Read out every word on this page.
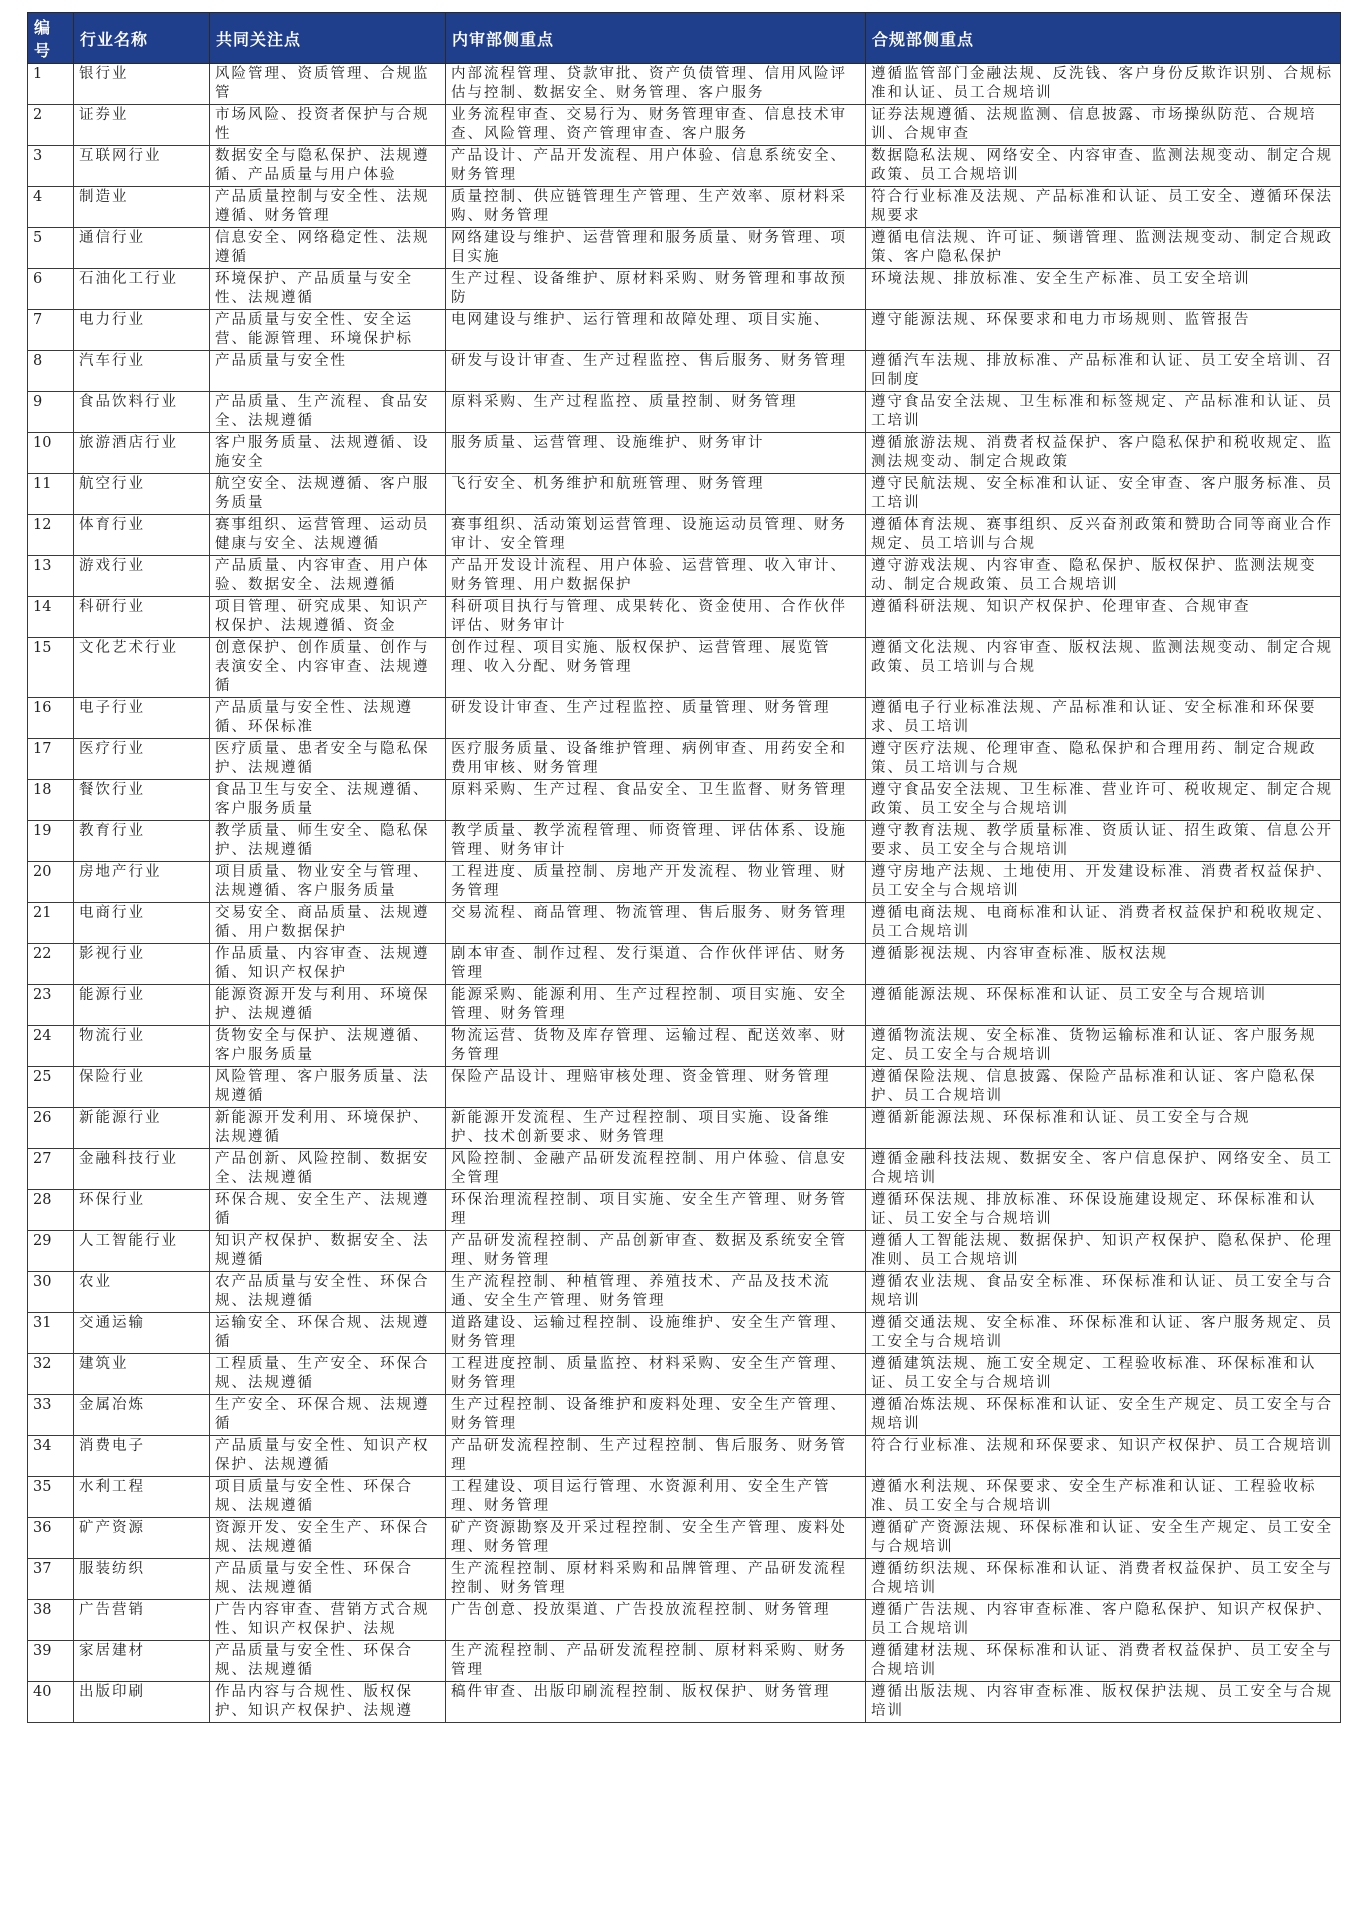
编号	行业名称	共同关注点	内审部侧重点	合规部侧重点
1	银行业	风险管理、资质管理、合规监管	内部流程管理、贷款审批、资产负债管理、信用风险评估与控制、数据安全、财务管理、客户服务	遵循监管部门金融法规、反洗钱、客户身份反欺诈识别、合规标准和认证、员工合规培训
2	证券业	市场风险、投资者保护与合规性	业务流程审查、交易行为、财务管理审查、信息技术审查、风险管理、资产管理审查、客户服务	证券法规遵循、法规监测、信息披露、市场操纵防范、合规培训、合规审查
3	互联网行业	数据安全与隐私保护、法规遵循、产品质量与用户体验	产品设计、产品开发流程、用户体验、信息系统安全、财务管理	数据隐私法规、网络安全、内容审查、监测法规变动、制定合规政策、员工合规培训
4	制造业	产品质量控制与安全性、法规遵循、财务管理	质量控制、供应链管理生产管理、生产效率、原材料采购、财务管理	符合行业标准及法规、产品标准和认证、员工安全、遵循环保法规要求
5	通信行业	信息安全、网络稳定性、法规遵循	网络建设与维护、运营管理和服务质量、财务管理、项目实施	遵循电信法规、许可证、频谱管理、监测法规变动、制定合规政策、客户隐私保护
6	石油化工行业	环境保护、产品质量与安全性、法规遵循	生产过程、设备维护、原材料采购、财务管理和事故预防	环境法规、排放标准、安全生产标准、员工安全培训
7	电力行业	产品质量与安全性、安全运营、能源管理、环境保护标	电网建设与维护、运行管理和故障处理、项目实施、	遵守能源法规、环保要求和电力市场规则、监管报告
8	汽车行业	产品质量与安全性	研发与设计审查、生产过程监控、售后服务、财务管理	遵循汽车法规、排放标准、产品标准和认证、员工安全培训、召回制度
9	食品饮料行业	产品质量、生产流程、食品安全、法规遵循	原料采购、生产过程监控、质量控制、财务管理	遵守食品安全法规、卫生标准和标签规定、产品标准和认证、员工培训
10	旅游酒店行业	客户服务质量、法规遵循、设施安全	服务质量、运营管理、设施维护、财务审计	遵循旅游法规、消费者权益保护、客户隐私保护和税收规定、监测法规变动、制定合规政策
11	航空行业	航空安全、法规遵循、客户服务质量	飞行安全、机务维护和航班管理、财务管理	遵守民航法规、安全标准和认证、安全审查、客户服务标准、员工培训
12	体育行业	赛事组织、运营管理、运动员健康与安全、法规遵循	赛事组织、活动策划运营管理、设施运动员管理、财务审计、安全管理	遵循体育法规、赛事组织、反兴奋剂政策和赞助合同等商业合作规定、员工培训与合规
13	游戏行业	产品质量、内容审查、用户体验、数据安全、法规遵循	产品开发设计流程、用户体验、运营管理、收入审计、财务管理、用户数据保护	遵守游戏法规、内容审查、隐私保护、版权保护、监测法规变动、制定合规政策、员工合规培训
14	科研行业	项目管理、研究成果、知识产权保护、法规遵循、资金	科研项目执行与管理、成果转化、资金使用、合作伙伴评估、财务审计	遵循科研法规、知识产权保护、伦理审查、合规审查
15	文化艺术行业	创意保护、创作质量、创作与表演安全、内容审查、法规遵循	创作过程、项目实施、版权保护、运营管理、展览管理、收入分配、财务管理	遵循文化法规、内容审查、版权法规、监测法规变动、制定合规政策、员工培训与合规
16	电子行业	产品质量与安全性、法规遵循、环保标准	研发设计审查、生产过程监控、质量管理、财务管理	遵循电子行业标准法规、产品标准和认证、安全标准和环保要求、员工培训
17	医疗行业	医疗质量、患者安全与隐私保护、法规遵循	医疗服务质量、设备维护管理、病例审查、用药安全和费用审核、财务管理	遵守医疗法规、伦理审查、隐私保护和合理用药、制定合规政策、员工培训与合规
18	餐饮行业	食品卫生与安全、法规遵循、客户服务质量	原料采购、生产过程、食品安全、卫生监督、财务管理	遵守食品安全法规、卫生标准、营业许可、税收规定、制定合规政策、员工安全与合规培训
19	教育行业	教学质量、师生安全、隐私保护、法规遵循	教学质量、教学流程管理、师资管理、评估体系、设施管理、财务审计	遵守教育法规、教学质量标准、资质认证、招生政策、信息公开要求、员工安全与合规培训
20	房地产行业	项目质量、物业安全与管理、法规遵循、客户服务质量	工程进度、质量控制、房地产开发流程、物业管理、财务管理	遵守房地产法规、土地使用、开发建设标准、消费者权益保护、员工安全与合规培训
21	电商行业	交易安全、商品质量、法规遵循、用户数据保护	交易流程、商品管理、物流管理、售后服务、财务管理	遵循电商法规、电商标准和认证、消费者权益保护和税收规定、员工合规培训
22	影视行业	作品质量、内容审查、法规遵循、知识产权保护	剧本审查、制作过程、发行渠道、合作伙伴评估、财务管理	遵循影视法规、内容审查标准、版权法规
23	能源行业	能源资源开发与利用、环境保护、法规遵循	能源采购、能源利用、生产过程控制、项目实施、安全管理、财务管理	遵循能源法规、环保标准和认证、员工安全与合规培训
24	物流行业	货物安全与保护、法规遵循、客户服务质量	物流运营、货物及库存管理、运输过程、配送效率、财务管理	遵循物流法规、安全标准、货物运输标准和认证、客户服务规定、员工安全与合规培训
25	保险行业	风险管理、客户服务质量、法规遵循	保险产品设计、理赔审核处理、资金管理、财务管理	遵循保险法规、信息披露、保险产品标准和认证、客户隐私保护、员工合规培训
26	新能源行业	新能源开发利用、环境保护、法规遵循	新能源开发流程、生产过程控制、项目实施、设备维护、技术创新要求、财务管理	遵循新能源法规、环保标准和认证、员工安全与合规
27	金融科技行业	产品创新、风险控制、数据安全、法规遵循	风险控制、金融产品研发流程控制、用户体验、信息安全管理	遵循金融科技法规、数据安全、客户信息保护、网络安全、员工合规培训
28	环保行业	环保合规、安全生产、法规遵循	环保治理流程控制、项目实施、安全生产管理、财务管理	遵循环保法规、排放标准、环保设施建设规定、环保标准和认证、员工安全与合规培训
29	人工智能行业	知识产权保护、数据安全、法规遵循	产品研发流程控制、产品创新审查、数据及系统安全管理、财务管理	遵循人工智能法规、数据保护、知识产权保护、隐私保护、伦理准则、员工合规培训
30	农业	农产品质量与安全性、环保合规、法规遵循	生产流程控制、种植管理、养殖技术、产品及技术流通、安全生产管理、财务管理	遵循农业法规、食品安全标准、环保标准和认证、员工安全与合规培训
31	交通运输	运输安全、环保合规、法规遵循	道路建设、运输过程控制、设施维护、安全生产管理、财务管理	遵循交通法规、安全标准、环保标准和认证、客户服务规定、员工安全与合规培训
32	建筑业	工程质量、生产安全、环保合规、法规遵循	工程进度控制、质量监控、材料采购、安全生产管理、财务管理	遵循建筑法规、施工安全规定、工程验收标准、环保标准和认证、员工安全与合规培训
33	金属冶炼	生产安全、环保合规、法规遵循	生产过程控制、设备维护和废料处理、安全生产管理、财务管理	遵循冶炼法规、环保标准和认证、安全生产规定、员工安全与合规培训
34	消费电子	产品质量与安全性、知识产权保护、法规遵循	产品研发流程控制、生产过程控制、售后服务、财务管理	符合行业标准、法规和环保要求、知识产权保护、员工合规培训
35	水利工程	项目质量与安全性、环保合规、法规遵循	工程建设、项目运行管理、水资源利用、安全生产管理、财务管理	遵循水利法规、环保要求、安全生产标准和认证、工程验收标准、员工安全与合规培训
36	矿产资源	资源开发、安全生产、环保合规、法规遵循	矿产资源勘察及开采过程控制、安全生产管理、废料处理、财务管理	遵循矿产资源法规、环保标准和认证、安全生产规定、员工安全与合规培训
37	服装纺织	产品质量与安全性、环保合规、法规遵循	生产流程控制、原材料采购和品牌管理、产品研发流程控制、财务管理	遵循纺织法规、环保标准和认证、消费者权益保护、员工安全与合规培训
38	广告营销	广告内容审查、营销方式合规性、知识产权保护、法规	广告创意、投放渠道、广告投放流程控制、财务管理	遵循广告法规、内容审查标准、客户隐私保护、知识产权保护、员工合规培训
39	家居建材	产品质量与安全性、环保合规、法规遵循	生产流程控制、产品研发流程控制、原材料采购、财务管理	遵循建材法规、环保标准和认证、消费者权益保护、员工安全与合规培训
40	出版印刷	作品内容与合规性、版权保护、知识产权保护、法规遵	稿件审查、出版印刷流程控制、版权保护、财务管理	遵循出版法规、内容审查标准、版权保护法规、员工安全与合规培训
